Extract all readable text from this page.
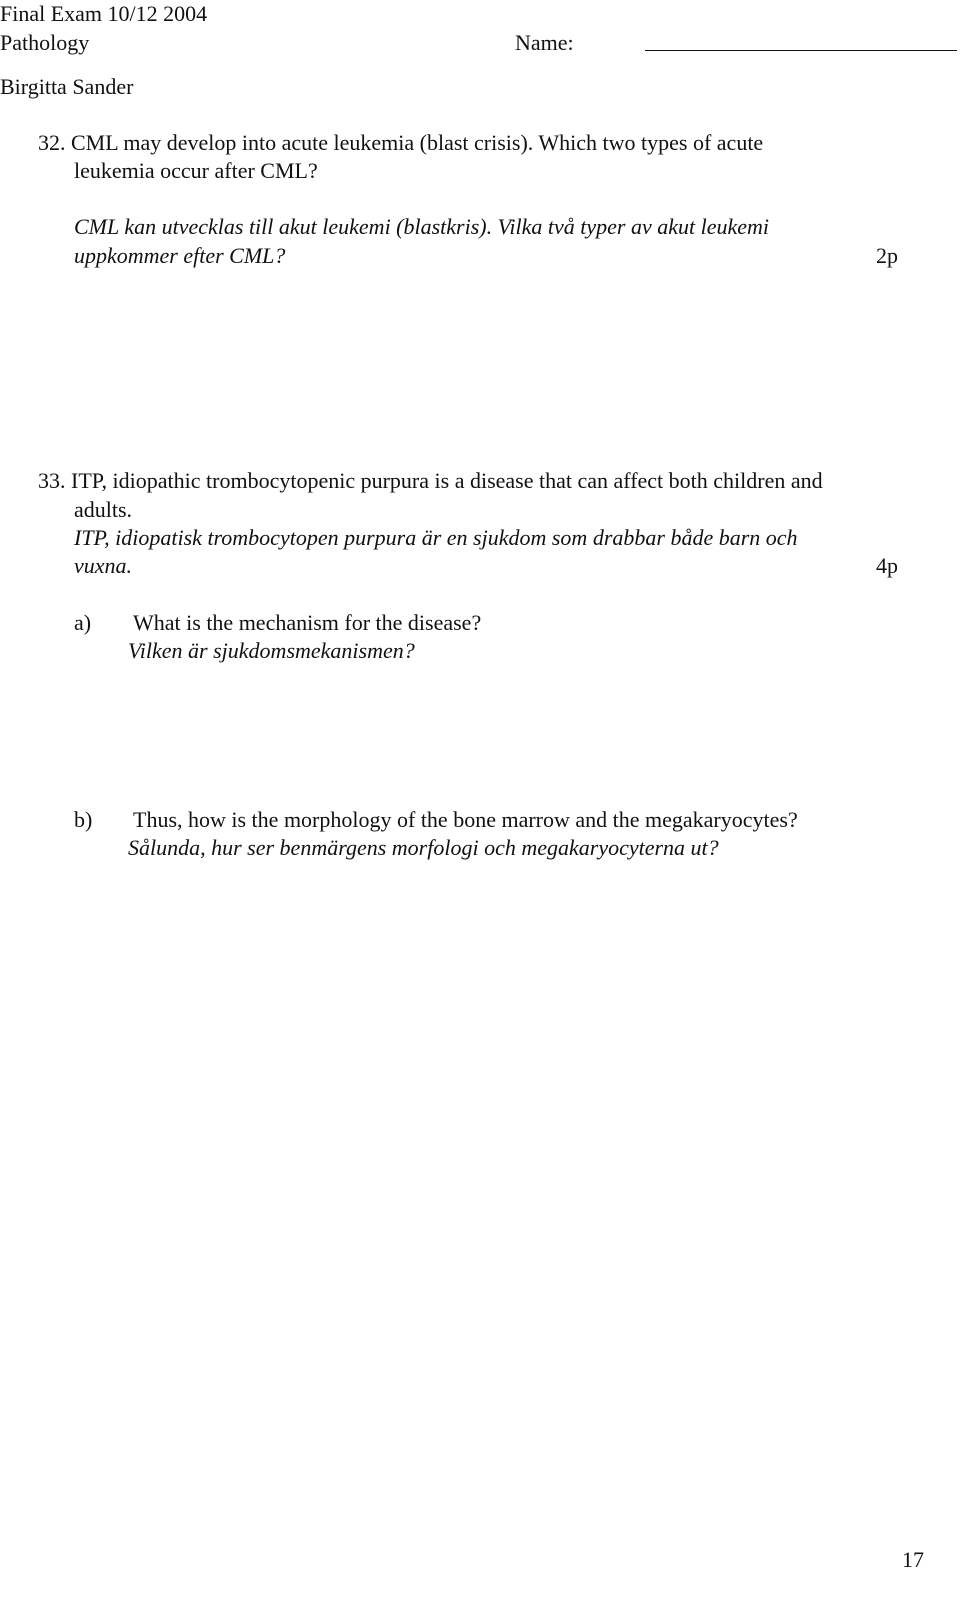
Final Exam 10/12 2004
Pathology	Name:
Birgitta Sander
32. CML may develop into acute leukemia (blast crisis). Which two types of acute
leukemia occur after CML?
CML kan utvecklas till akut leukemi (blastkris). Vilka två typer av akut leukemi
uppkommer efter CML?	2p
33. ITP, idiopathic trombocytopenic purpura is a disease that can affect both children and
adults.
ITP, idiopatisk trombocytopen purpura är en sjukdom som drabbar både barn och
vuxna.	4p
a) What is the mechanism for the disease?
Vilken är sjukdomsmekanismen?
b) Thus, how is the morphology of the bone marrow and the megakaryocytes?
Sålunda, hur ser benmärgens morfologi och megakaryocyterna ut?
17
